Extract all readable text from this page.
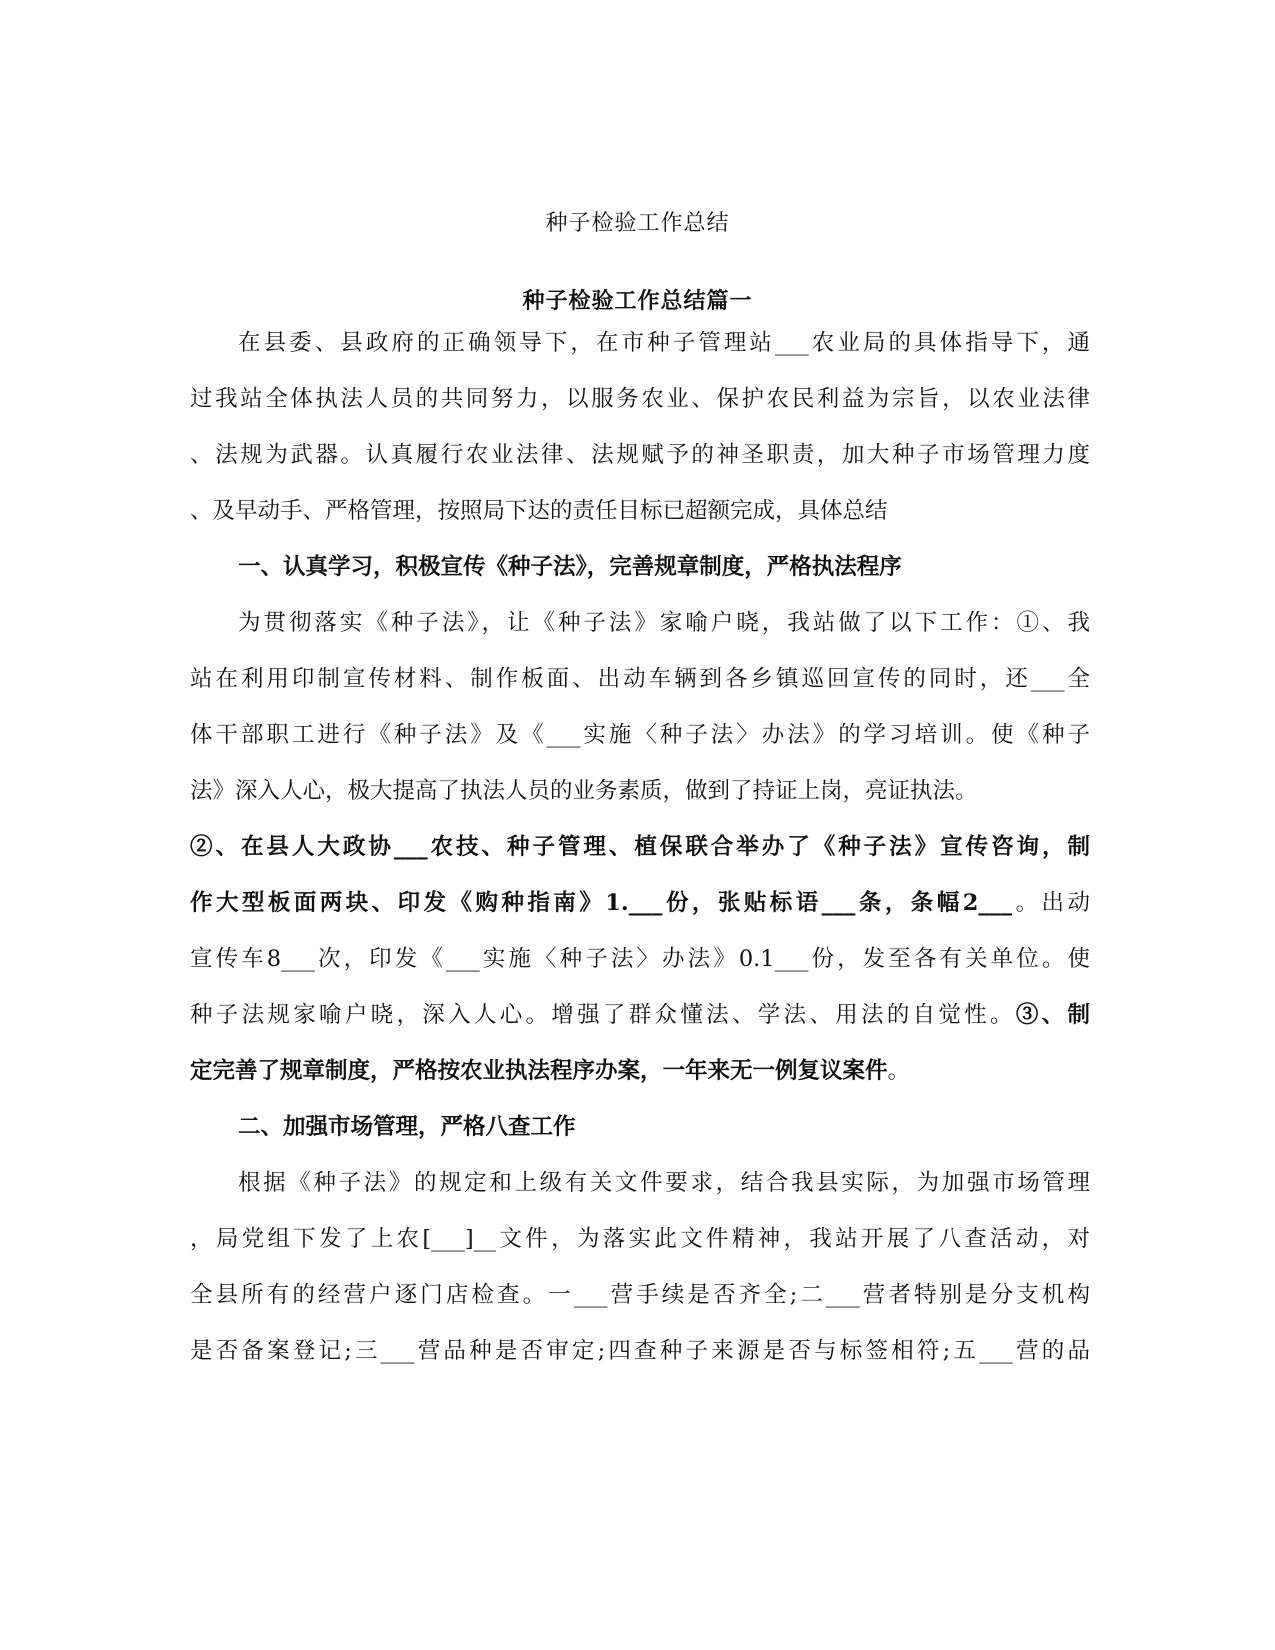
种子检验工作总结
种子检验工作总结篇一
在县委、县政府的正确领导下，在市种子管理站___农业局的具体指导下，通
过我站全体执法人员的共同努力，以服务农业、保护农民利益为宗旨，以农业法律
、法规为武器。认真履行农业法律、法规赋予的神圣职责，加大种子市场管理力度
、及早动手、严格管理，按照局下达的责任目标已超额完成，具体总结
一、认真学习，积极宣传《种子法》，完善规章制度，严格执法程序
为贯彻落实《种子法》，让《种子法》家喻户晓，我站做了以下工作：①、我
站在利用印制宣传材料、制作板面、出动车辆到各乡镇巡回宣传的同时，还___全
体干部职工进行《种子法》及《___实施〈种子法〉办法》的学习培训。使《种子
法》深入人心，极大提高了执法人员的业务素质，做到了持证上岗，亮证执法。
②、在县人大政协___农技、种子管理、植保联合举办了《种子法》宣传咨询，制
作大型板面两块、印发《购种指南》1.___份，张贴标语___条，条幅2___。出动
宣传车8___次，印发《___实施〈种子法〉办法》0.1___份，发至各有关单位。使
种子法规家喻户晓，深入人心。增强了群众懂法、学法、用法的自觉性。③、制
定完善了规章制度，严格按农业执法程序办案，一年来无一例复议案件。
二、加强市场管理，严格八查工作
根据《种子法》的规定和上级有关文件要求，结合我县实际，为加强市场管理
，局党组下发了上农[___]__文件，为落实此文件精神，我站开展了八查活动，对
全县所有的经营户逐门店检查。一___营手续是否齐全;二___营者特别是分支机构
是否备案登记;三___营品种是否审定;四查种子来源是否与标签相符;五___营的品
